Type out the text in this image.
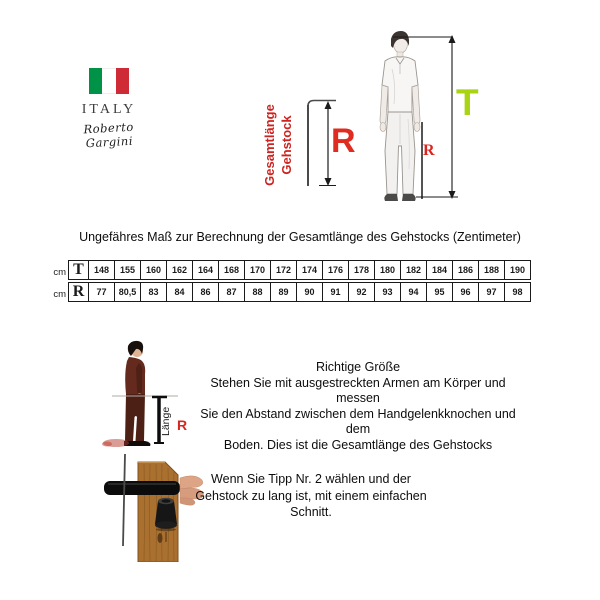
ITALY
Roberto Gargini	Gesamtlänge Gehstock R
T
R
Ungefähres Maß zur Berechnung der Gesamtlänge des Gehstocks (Zentimeter)
cm
cm
T	148	155	160	162	164	168	170	172	174	176	178	180	182	184	186	188	190
R	77	80,5	83	84	86	87	88	89	90	91	92	93	94	95	96	97	98
Länge R
Richtige Größe
Stehen Sie mit ausgestreckten Armen am Körper und messen
Sie den Abstand zwischen dem Handgelenkknochen und dem
Boden. Dies ist die Gesamtlänge des Gehstocks
Wenn Sie Tipp Nr. 2 wählen und der
Gehstock zu lang ist, mit einem einfachen
Schnitt.
